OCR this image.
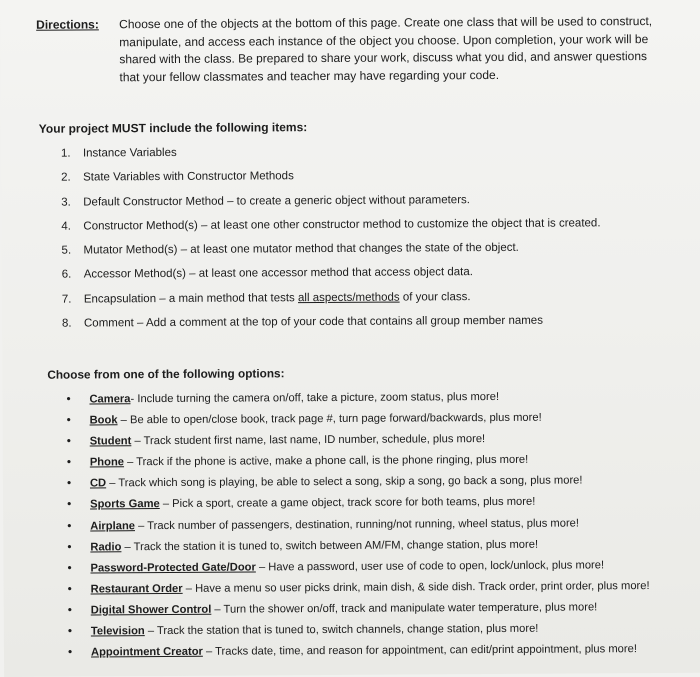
Directions: Choose one of the objects at the bottom of this page. Create one class that will be used to construct, manipulate, and access each instance of the object you choose. Upon completion, your work will be shared with the class. Be prepared to share your work, discuss what you did, and answer questions that your fellow classmates and teacher may have regarding your code.
Your project MUST include the following items:
1. Instance Variables
2. State Variables with Constructor Methods
3. Default Constructor Method – to create a generic object without parameters.
4. Constructor Method(s) – at least one other constructor method to customize the object that is created.
5. Mutator Method(s) – at least one mutator method that changes the state of the object.
6. Accessor Method(s) – at least one accessor method that access object data.
7. Encapsulation – a main method that tests all aspects/methods of your class.
8. Comment – Add a comment at the top of your code that contains all group member names
Choose from one of the following options:
• Camera- Include turning the camera on/off, take a picture, zoom status, plus more!
• Book – Be able to open/close book, track page #, turn page forward/backwards, plus more!
• Student – Track student first name, last name, ID number, schedule, plus more!
• Phone – Track if the phone is active, make a phone call, is the phone ringing, plus more!
• CD – Track which song is playing, be able to select a song, skip a song, go back a song, plus more!
• Sports Game – Pick a sport, create a game object, track score for both teams, plus more!
• Airplane – Track number of passengers, destination, running/not running, wheel status, plus more!
• Radio – Track the station it is tuned to, switch between AM/FM, change station, plus more!
• Password-Protected Gate/Door – Have a password, user use of code to open, lock/unlock, plus more!
• Restaurant Order – Have a menu so user picks drink, main dish, & side dish. Track order, print order, plus more!
• Digital Shower Control – Turn the shower on/off, track and manipulate water temperature, plus more!
• Television – Track the station that is tuned to, switch channels, change station, plus more!
• Appointment Creator – Tracks date, time, and reason for appointment, can edit/print appointment, plus more!
